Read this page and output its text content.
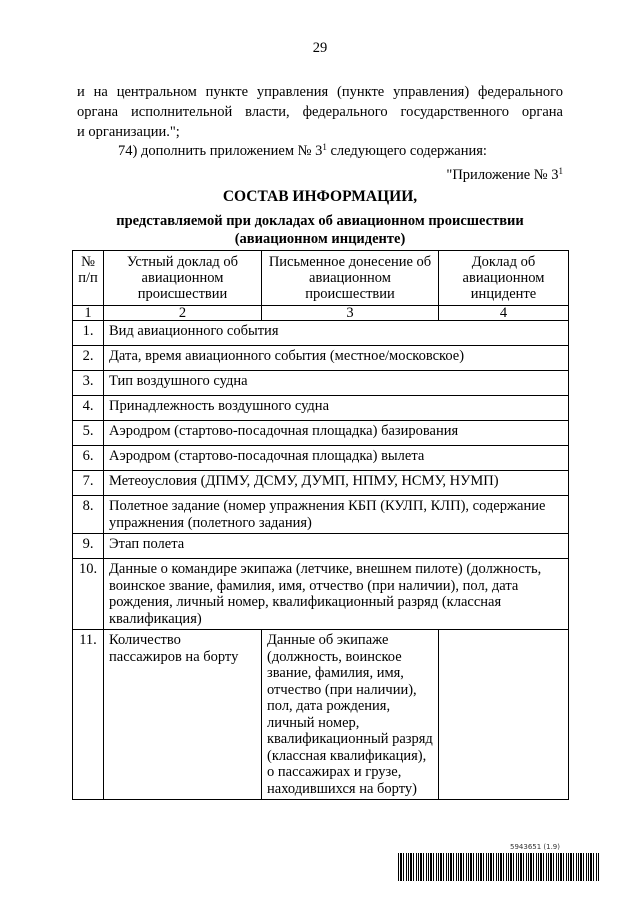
29
и на центральном пункте управления (пункте управления) федерального
органа исполнительной власти, федерального государственного органа
и организации.";
74) дополнить приложением № $3^1$ следующего содержания:
"Приложение № $3^1$
СОСТАВ ИНФОРМАЦИИ,
представляемой при докладах об авиационном происшествии (авиационном инциденте)
№ п/п	Устный доклад об авиационном происшествии	Письменное донесение об авиационном происшествии	Доклад об авиационном инциденте
1	2	3	4
1.	Вид авиационного события		
2.	Дата, время авиационного события (местное/московское)		
3.	Тип воздушного судна		
4.	Принадлежность воздушного судна		
5.	Аэродром (стартово-посадочная площадка) базирования		
6.	Аэродром (стартово-посадочная площадка) вылета		
7.	Метеоусловия (ДПМУ, ДСМУ, ДУМП, НПМУ, НСМУ, НУМП)		
8.	Полетное задание (номер упражнения КБП (КУЛП, КЛП), содержание упражнения (полетного задания)		
9.	Этап полета		
10.	Данные о командире экипажа (летчике, внешнем пилоте) (должность, воинское звание, фамилия, имя, отчество (при наличии), пол, дата рождения, личный номер, квалификационный разряд (классная квалификация)		
11.	Количество пассажиров на борту	Данные об экипаже (должность, воинское звание, фамилия, имя, отчество (при наличии), пол, дата рождения, личный номер, квалификационный разряд (классная квалификация), о пассажирах и грузе, находившихся на борту)	
5943651 (1.9)
